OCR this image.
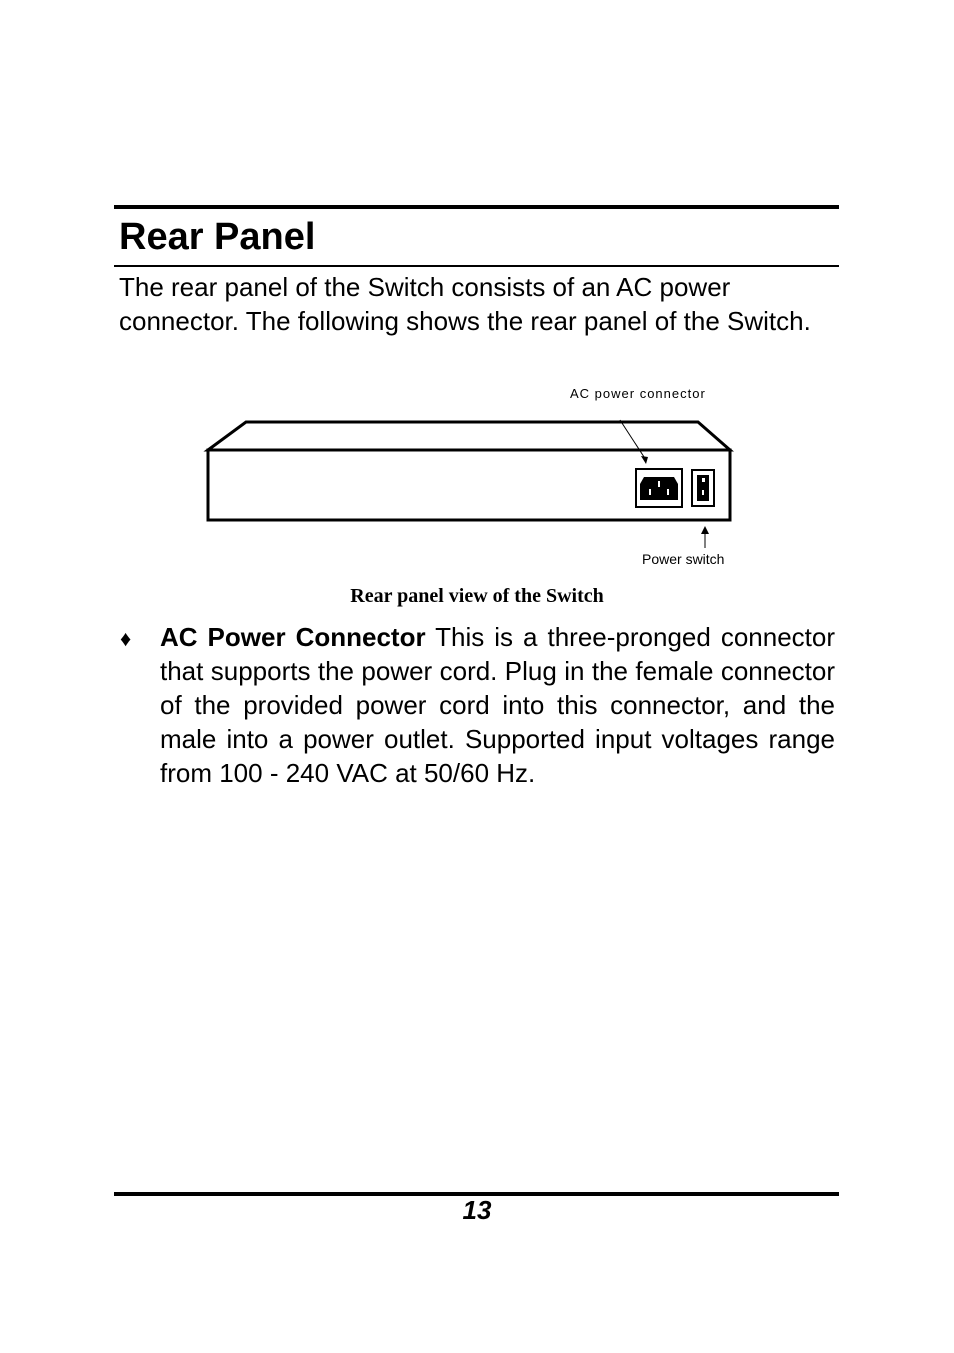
Rear Panel

The rear panel of the Switch consists of an AC power connector. The following shows the rear panel of the Switch.

AC power connector
Power switch
Rear panel view of the Switch
♦ AC Power Connector This is a three-pronged connector that supports the power cord. Plug in the female connector of the provided power cord into this connector, and the male into a power outlet. Supported input voltages range from 100 - 240 VAC at 50/60 Hz.

13
